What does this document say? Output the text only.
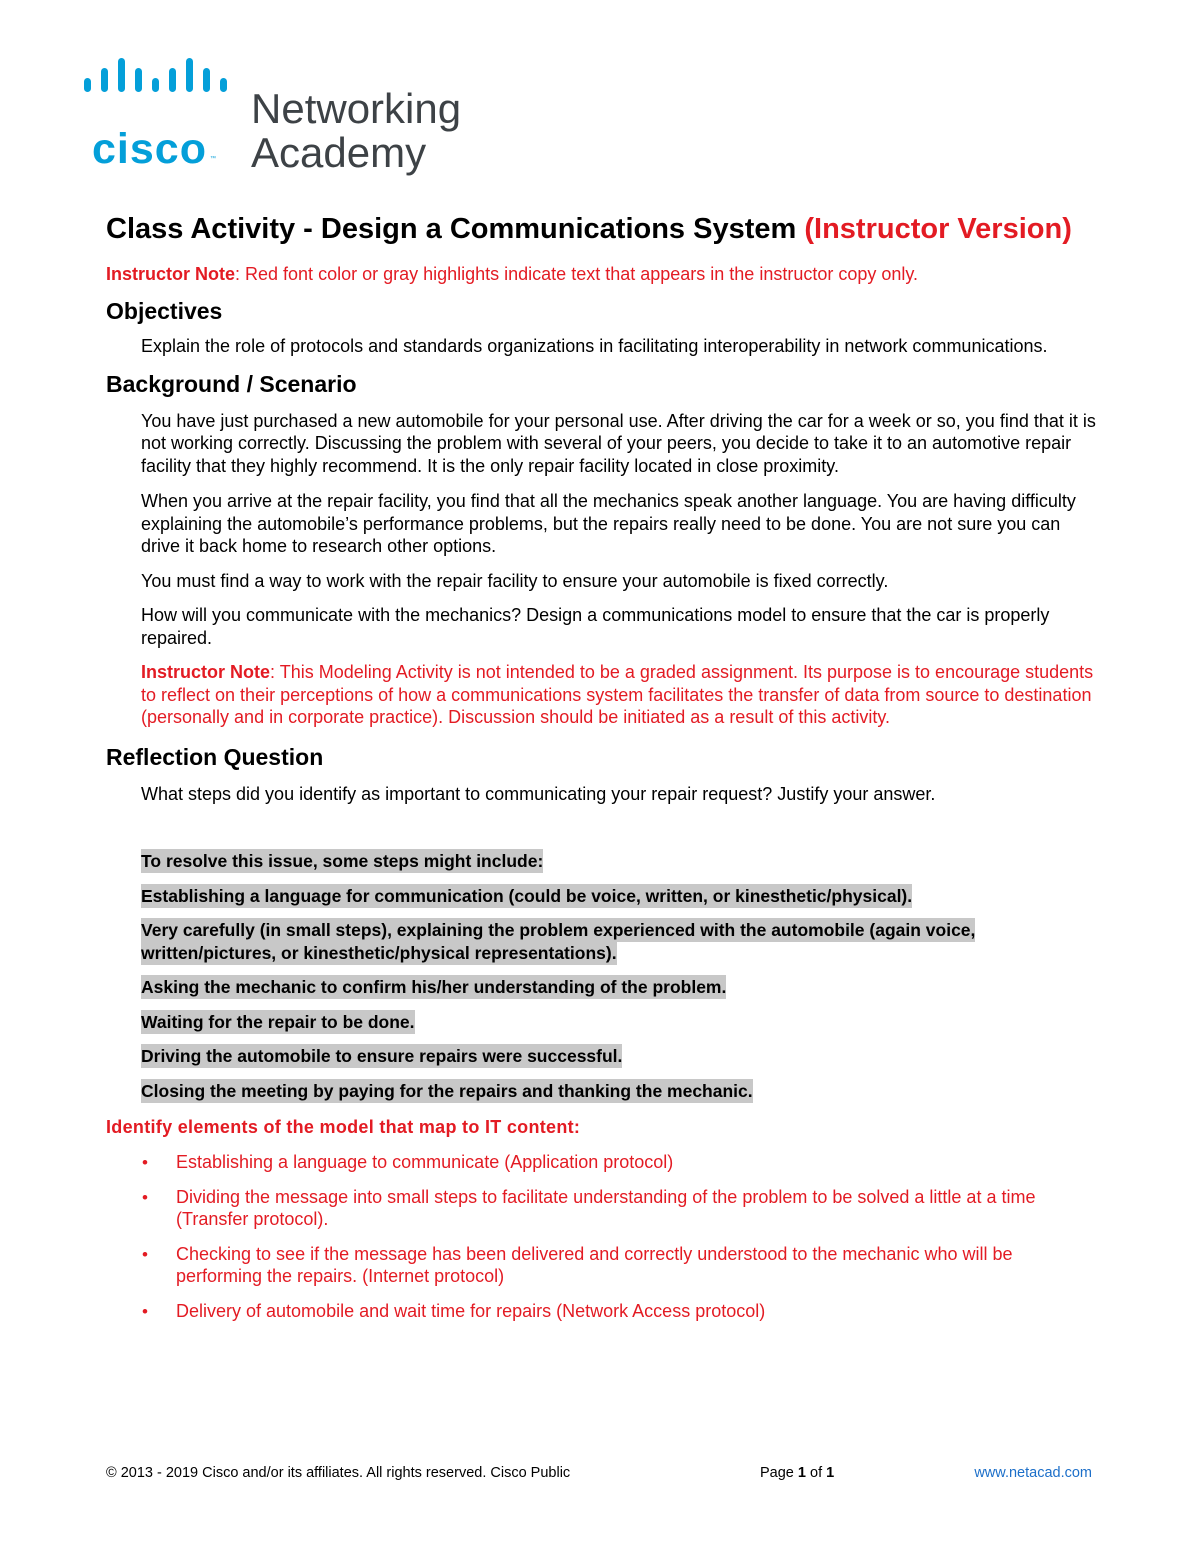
cisco ™
Networking
Academy
Class Activity - Design a Communications System (Instructor Version)
Instructor Note: Red font color or gray highlights indicate text that appears in the instructor copy only.
Objectives

Explain the role of protocols and standards organizations in facilitating interoperability in network communications.

Background / Scenario

You have just purchased a new automobile for your personal use. After driving the car for a week or so, you find that it is not working correctly. Discussing the problem with several of your peers, you decide to take it to an automotive repair facility that they highly recommend. It is the only repair facility located in close proximity.

When you arrive at the repair facility, you find that all the mechanics speak another language. You are having difficulty explaining the automobile’s performance problems, but the repairs really need to be done. You are not sure you can drive it back home to research other options.

You must find a way to work with the repair facility to ensure your automobile is fixed correctly.

How will you communicate with the mechanics? Design a communications model to ensure that the car is properly repaired.

Instructor Note: This Modeling Activity is not intended to be a graded assignment. Its purpose is to encourage students to reflect on their perceptions of how a communications system facilitates the transfer of data from source to destination (personally and in corporate practice). Discussion should be initiated as a result of this activity.

Reflection Question

What steps did you identify as important to communicating your repair request? Justify your answer.

To resolve this issue, some steps might include:
Establishing a language for communication (could be voice, written, or kinesthetic/physical).
Very carefully (in small steps), explaining the problem experienced with the automobile (again voice, written/pictures, or kinesthetic/physical representations).
Asking the mechanic to confirm his/her understanding of the problem.
Waiting for the repair to be done.
Driving the automobile to ensure repairs were successful.
Closing the meeting by paying for the repairs and thanking the mechanic.
Identify elements of the model that map to IT content:
• Establishing a language to communicate (Application protocol)
• Dividing the message into small steps to facilitate understanding of the problem to be solved a little at a time (Transfer protocol).
• Checking to see if the message has been delivered and correctly understood to the mechanic who will be performing the repairs. (Internet protocol)
• Delivery of automobile and wait time for repairs (Network Access protocol)
© 2013 - 2019 Cisco and/or its affiliates. All rights reserved. Cisco Public	Page 1 of 1	www.netacad.com
